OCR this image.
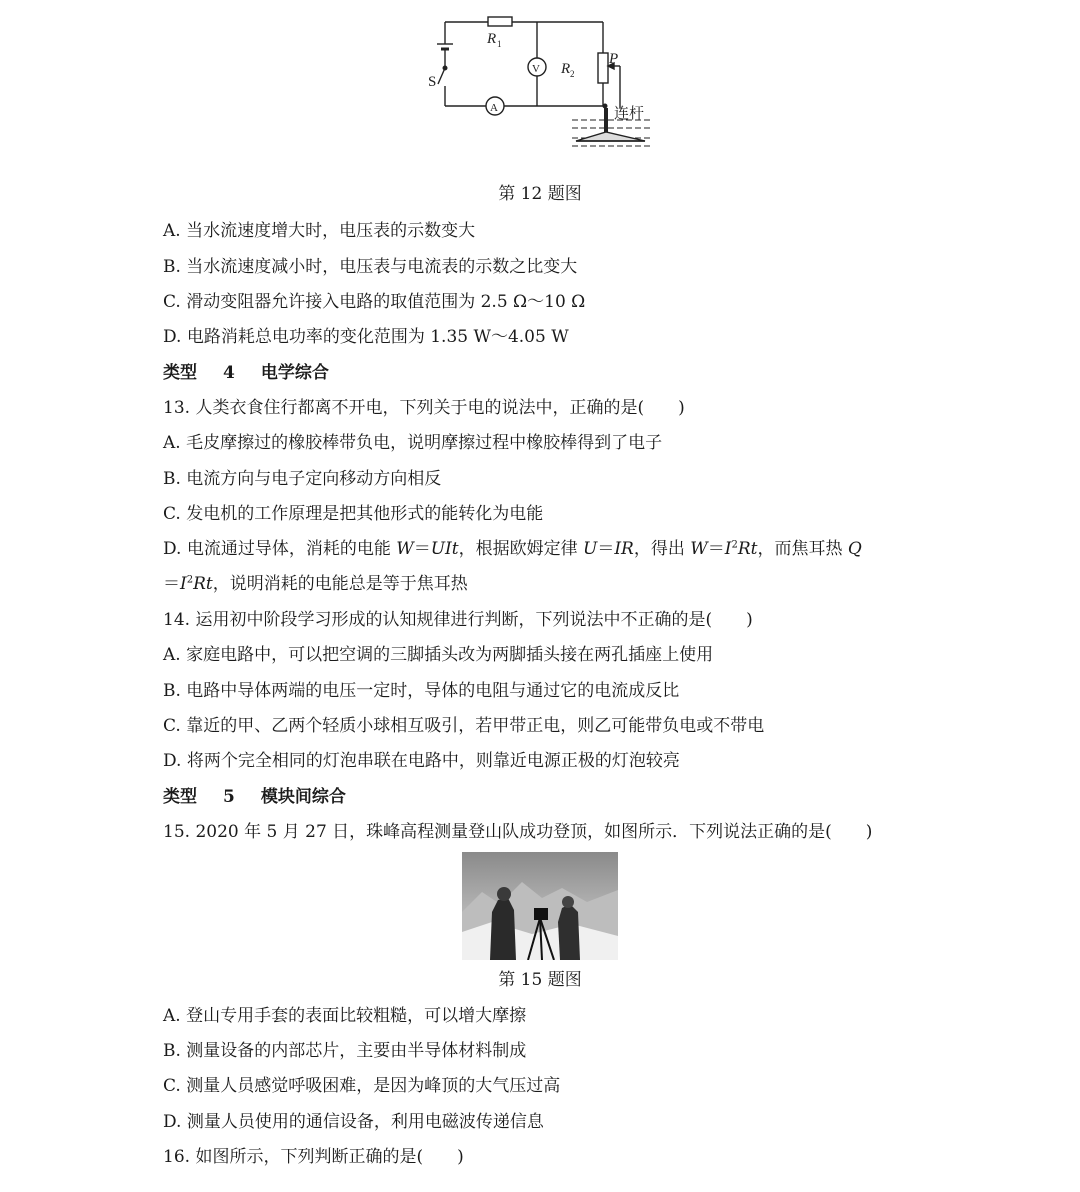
R 1
R 2
P
S
V
A	连杆
第 12 题图
A. 当水流速度增大时，电压表的示数变大
B. 当水流速度减小时，电压表与电流表的示数之比变大
C. 滑动变阻器允许接入电路的取值范围为 2.5 Ω～10 Ω
D. 电路消耗总电功率的变化范围为 1.35 W～4.05 W
类型 4 电学综合
13. 人类衣食住行都离不开电，下列关于电的说法中，正确的是(　　)
A. 毛皮摩擦过的橡胶棒带负电，说明摩擦过程中橡胶棒得到了电子
B. 电流方向与电子定向移动方向相反
C. 发电机的工作原理是把其他形式的能转化为电能
D. 电流通过导体，消耗的电能 W＝UIt，根据欧姆定律 U＝IR，得出 $W=I^2Rt$，而焦耳热 Q
$=I^2Rt$，说明消耗的电能总是等于焦耳热
14. 运用初中阶段学习形成的认知规律进行判断，下列说法中不正确的是(　　)
A. 家庭电路中，可以把空调的三脚插头改为两脚插头接在两孔插座上使用
B. 电路中导体两端的电压一定时，导体的电阻与通过它的电流成反比
C. 靠近的甲、乙两个轻质小球相互吸引，若甲带正电，则乙可能带负电或不带电
D. 将两个完全相同的灯泡串联在电路中，则靠近电源正极的灯泡较亮
类型 5 模块间综合
15. 2020 年 5 月 27 日，珠峰高程测量登山队成功登顶，如图所示．下列说法正确的是(　　)
第 15 题图
A. 登山专用手套的表面比较粗糙，可以增大摩擦
B. 测量设备的内部芯片，主要由半导体材料制成
C. 测量人员感觉呼吸困难，是因为峰顶的大气压过高
D. 测量人员使用的通信设备，利用电磁波传递信息
16. 如图所示，下列判断正确的是(　　)
